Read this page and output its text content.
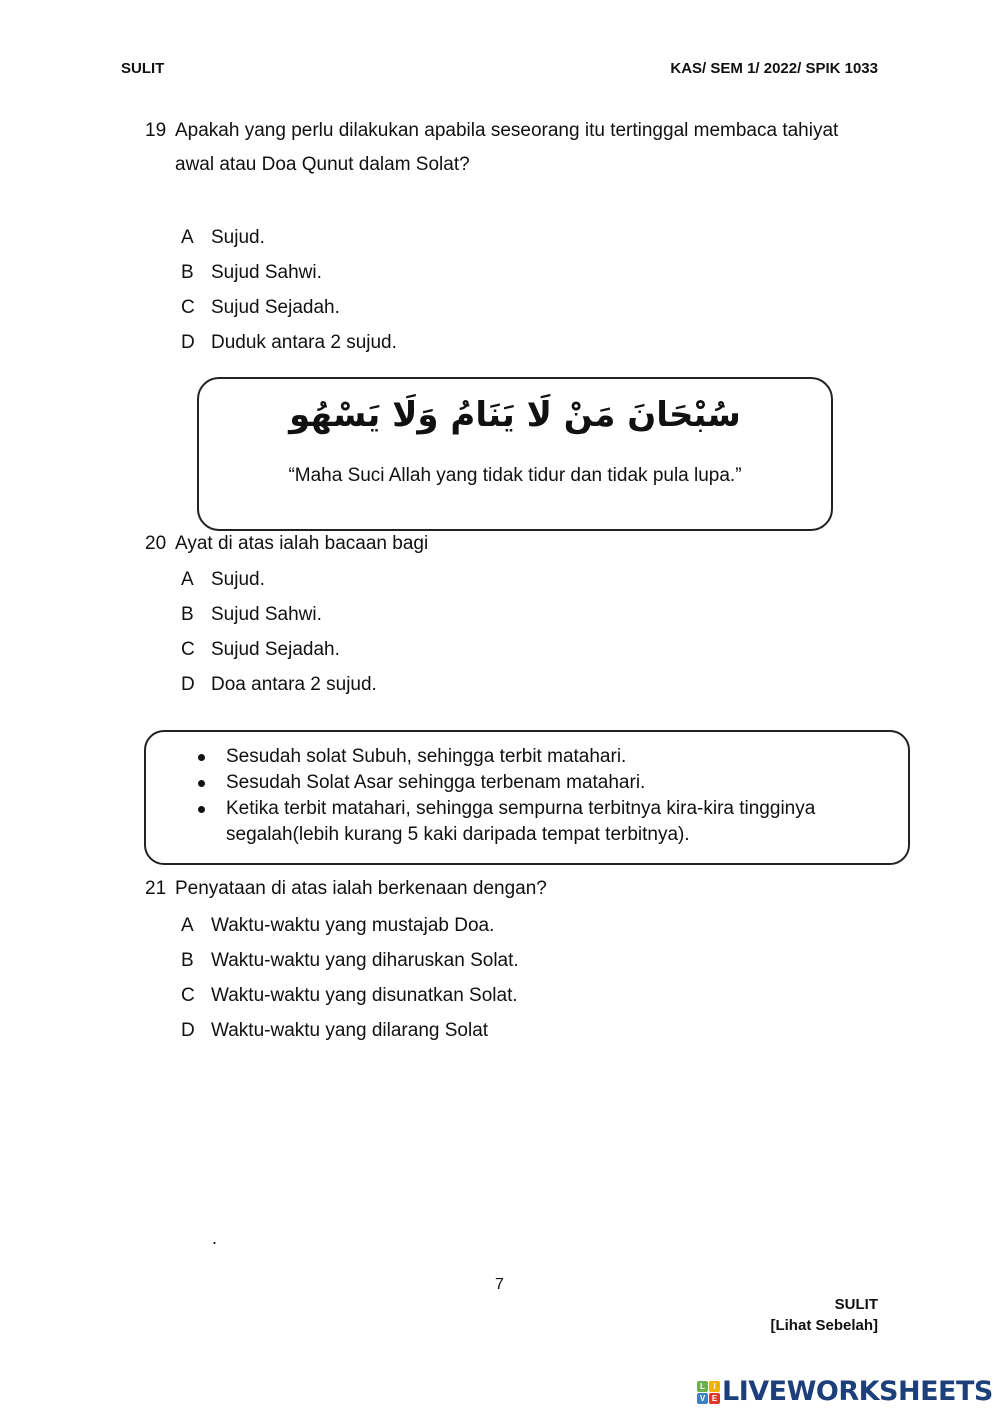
SULIT	KAS/ SEM 1/ 2022/ SPIK 1033
19 Apakah yang perlu dilakukan apabila seseorang itu tertinggal membaca tahiyat
awal atau Doa Qunut dalam Solat?
A Sujud.
B Sujud Sahwi.
C Sujud Sejadah.
D Duduk antara 2 sujud.
سُبْحَانَ مَنْ لَا يَنَامُ وَلَا يَسْهُو
“Maha Suci Allah yang tidak tidur dan tidak pula lupa.”
20 Ayat di atas ialah bacaan bagi
A Sujud.
B Sujud Sahwi.
C Sujud Sejadah.
D Doa antara 2 sujud.
Sesudah solat Subuh, sehingga terbit matahari.
Sesudah Solat Asar sehingga terbenam matahari.
Ketika terbit matahari, sehingga sempurna terbitnya kira-kira tingginya
segalah(lebih kurang 5 kaki daripada tempat terbitnya).
21 Penyataan di atas ialah berkenaan dengan?
A Waktu-waktu yang mustajab Doa.
B Waktu-waktu yang diharuskan Solat.
C Waktu-waktu yang disunatkan Solat.
D Waktu-waktu yang dilarang Solat
.
7
SULIT
[Lihat Sebelah]
L	I
V E LIVEWORKSHEETS
